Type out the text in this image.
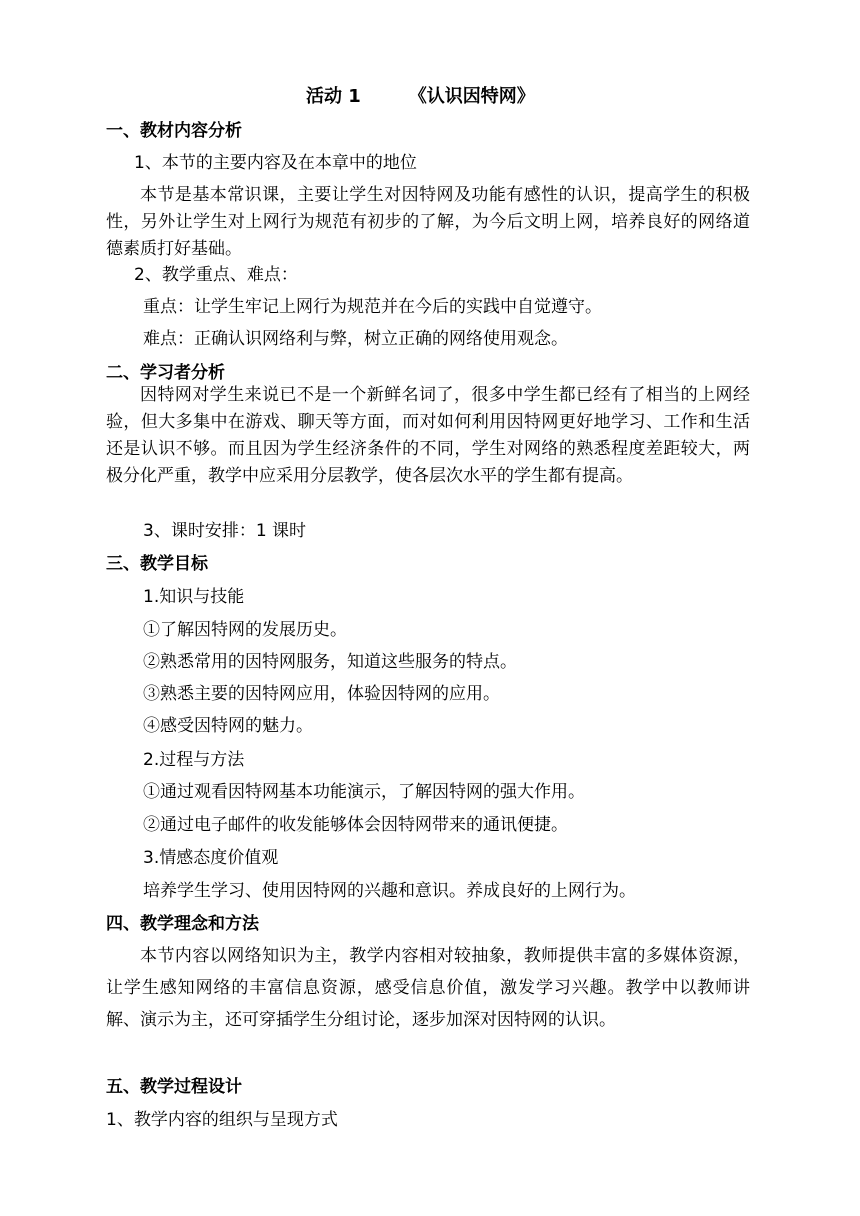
活动 1	《认识因特网》
一、教材内容分析
1、本节的主要内容及在本章中的地位
本节是基本常识课，主要让学生对因特网及功能有感性的认识，提高学生的积极性，另外让学生对上网行为规范有初步的了解，为今后文明上网，培养良好的网络道德素质打好基础。
2、教学重点、难点：
重点：让学生牢记上网行为规范并在今后的实践中自觉遵守。
难点：正确认识网络利与弊，树立正确的网络使用观念。
二、学习者分析
因特网对学生来说已不是一个新鲜名词了，很多中学生都已经有了相当的上网经验，但大多集中在游戏、聊天等方面，而对如何利用因特网更好地学习、工作和生活还是认识不够。而且因为学生经济条件的不同，学生对网络的熟悉程度差距较大，两极分化严重，教学中应采用分层教学，使各层次水平的学生都有提高。
3、课时安排：1 课时
三、教学目标
1.知识与技能
①了解因特网的发展历史。
②熟悉常用的因特网服务，知道这些服务的特点。
③熟悉主要的因特网应用，体验因特网的应用。
④感受因特网的魅力。
2.过程与方法
①通过观看因特网基本功能演示，了解因特网的强大作用。
②通过电子邮件的收发能够体会因特网带来的通讯便捷。
3.情感态度价值观
培养学生学习、使用因特网的兴趣和意识。养成良好的上网行为。
四、教学理念和方法
本节内容以网络知识为主，教学内容相对较抽象，教师提供丰富的多媒体资源，让学生感知网络的丰富信息资源，感受信息价值，激发学习兴趣。教学中以教师讲解、演示为主，还可穿插学生分组讨论，逐步加深对因特网的认识。
五、教学过程设计
1、教学内容的组织与呈现方式
